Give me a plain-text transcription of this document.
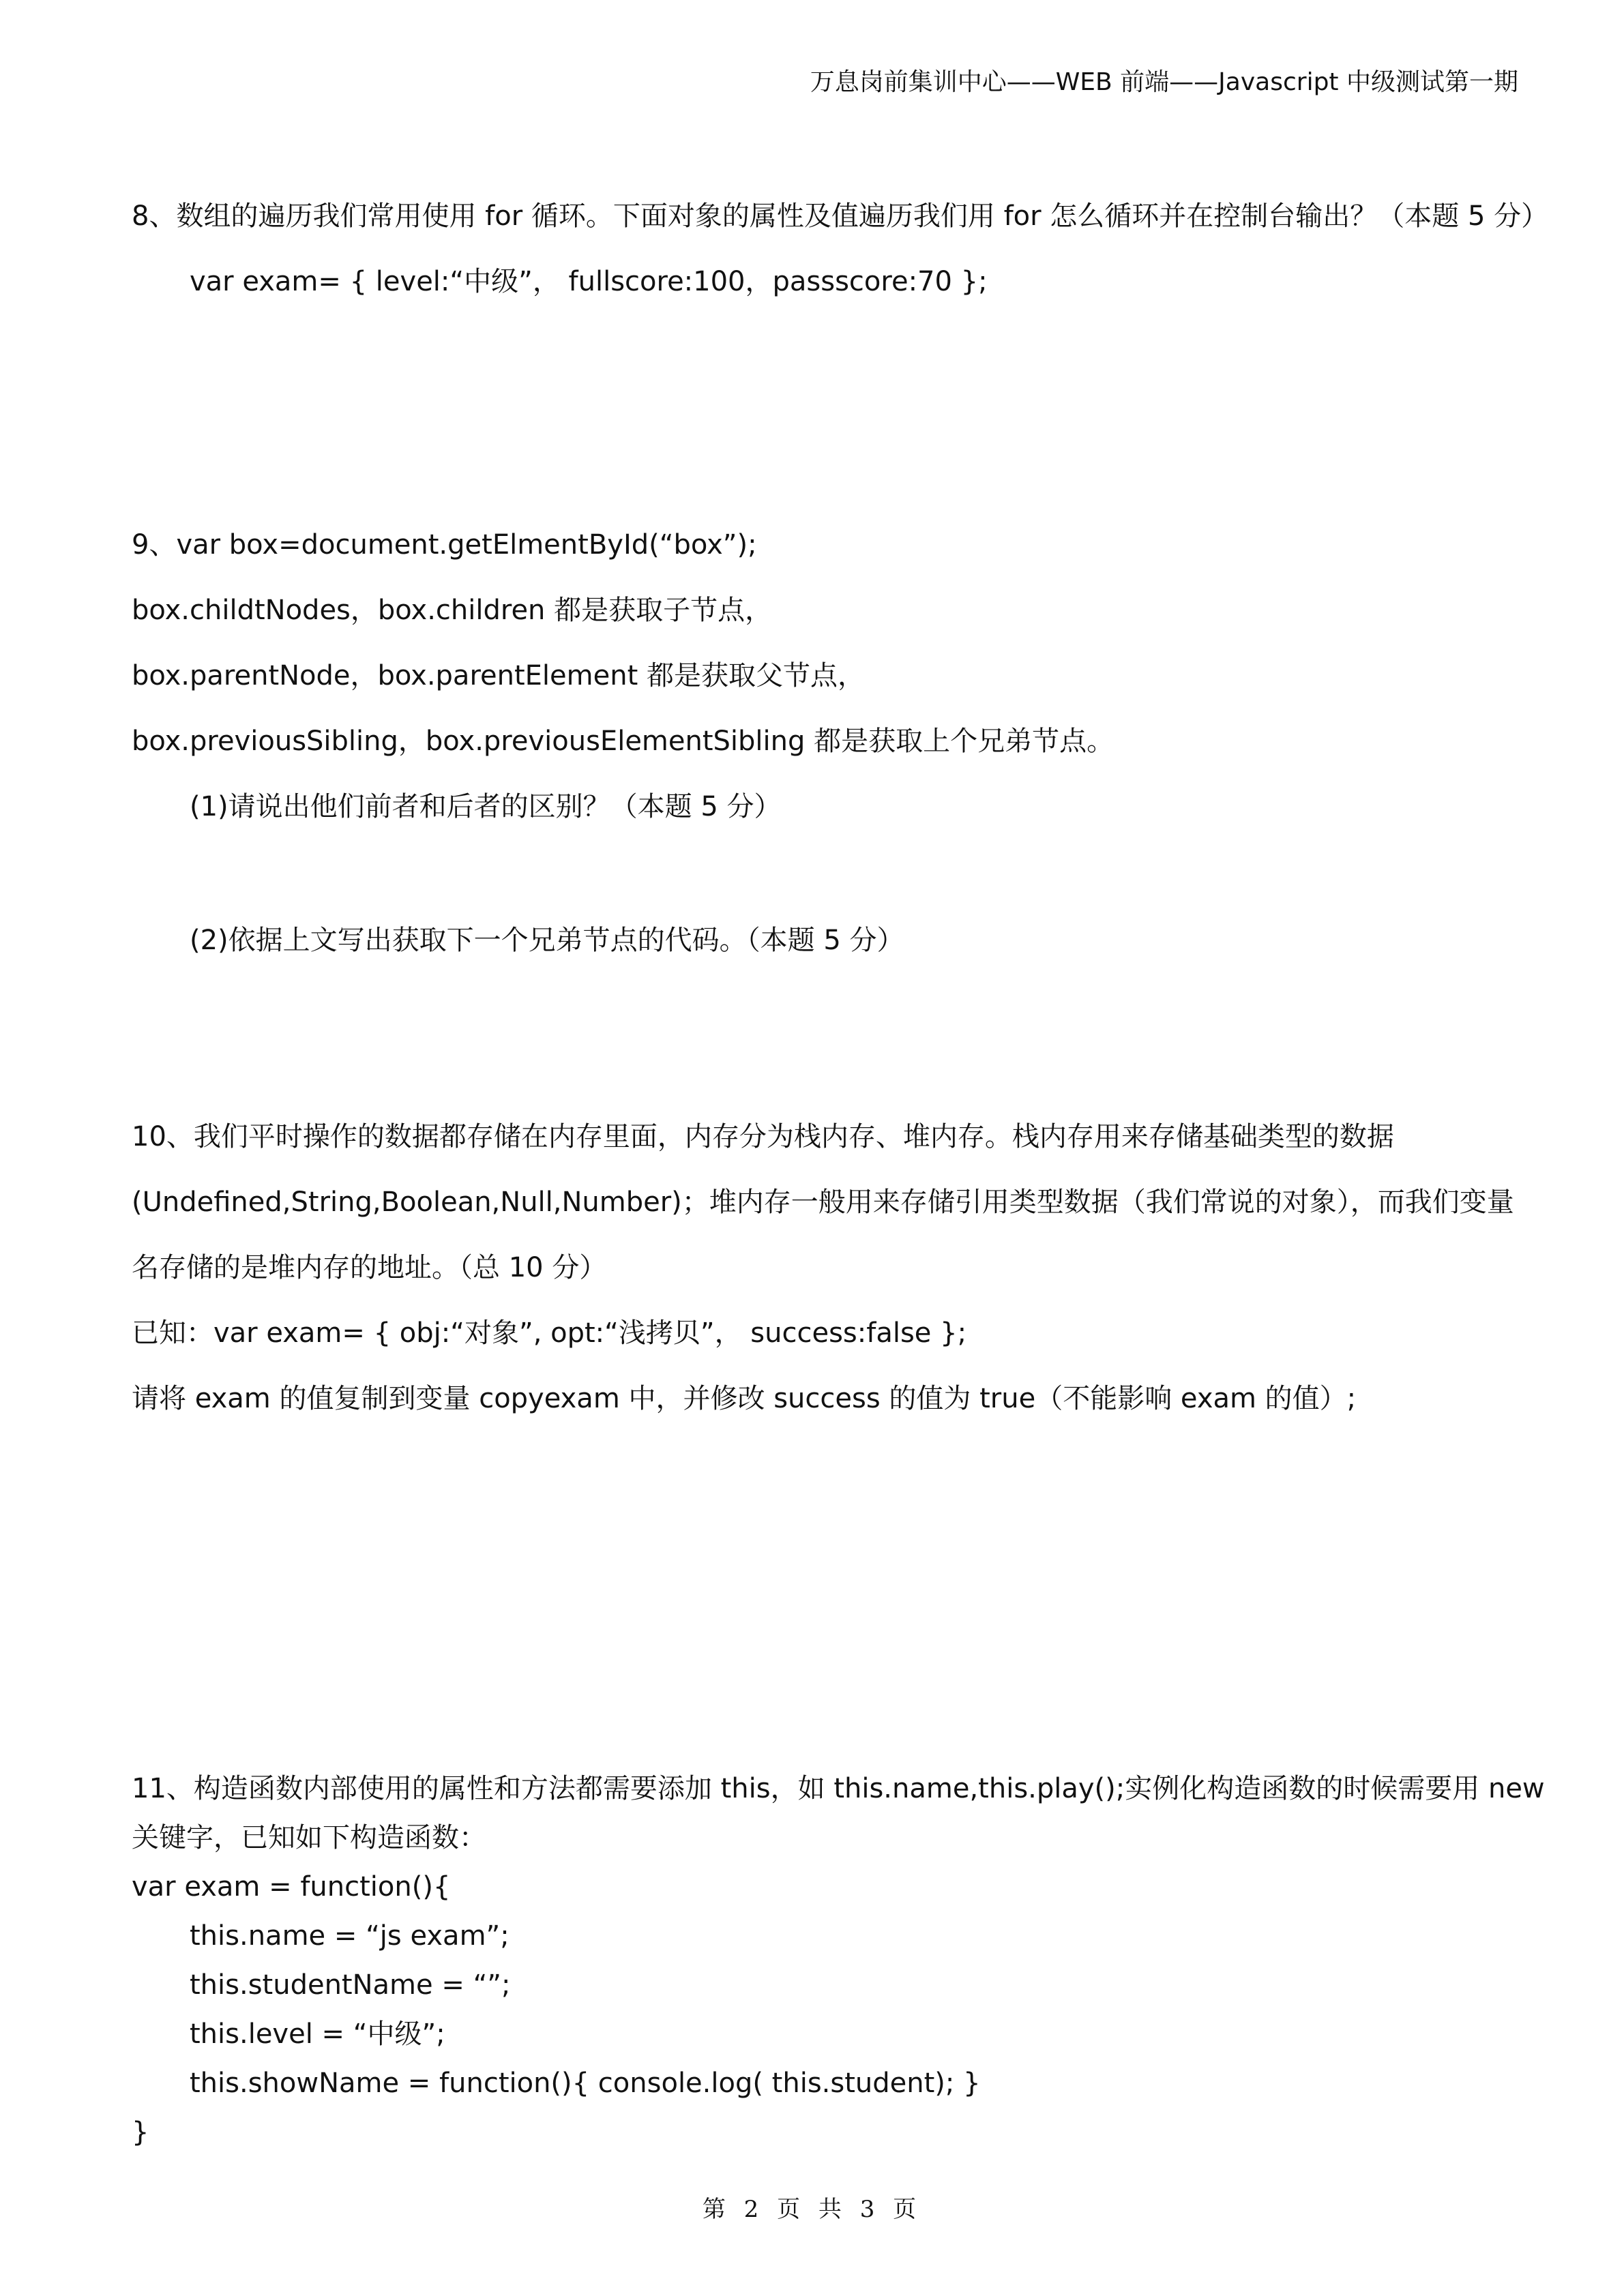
万息岗前集训中心——WEB 前端——Javascript 中级测试第一期
8、数组的遍历我们常用使用 for 循环。下面对象的属性及值遍历我们用 for 怎么循环并在控制台输出？（本题 5 分）
var exam= { level:“中级”， fullscore:100，passscore:70 };
9、var box=document.getElmentById(“box”);
box.childtNodes，box.children 都是获取子节点，
box.parentNode，box.parentElement 都是获取父节点，
box.previousSibling，box.previousElementSibling 都是获取上个兄弟节点。
(1)请说出他们前者和后者的区别？（本题 5 分）
(2)依据上文写出获取下一个兄弟节点的代码。（本题 5 分）
10、我们平时操作的数据都存储在内存里面，内存分为栈内存、堆内存。栈内存用来存储基础类型的数据
(Undefined,String,Boolean,Null,Number)；堆内存一般用来存储引用类型数据（我们常说的对象），而我们变量
名存储的是堆内存的地址。（总 10 分）
已知：var exam= { obj:“对象”, opt:“浅拷贝”， success:false };
请将 exam 的值复制到变量 copyexam 中，并修改 success 的值为 true（不能影响 exam 的值）;
11、构造函数内部使用的属性和方法都需要添加 this，如 this.name,this.play();实例化构造函数的时候需要用 new
关键字，已知如下构造函数：
var exam = function(){
this.name = “js exam”;
this.studentName = “”;
this.level = “中级”;
this.showName = function(){ console.log( this.student); }
}
第 2 页 共 3 页
